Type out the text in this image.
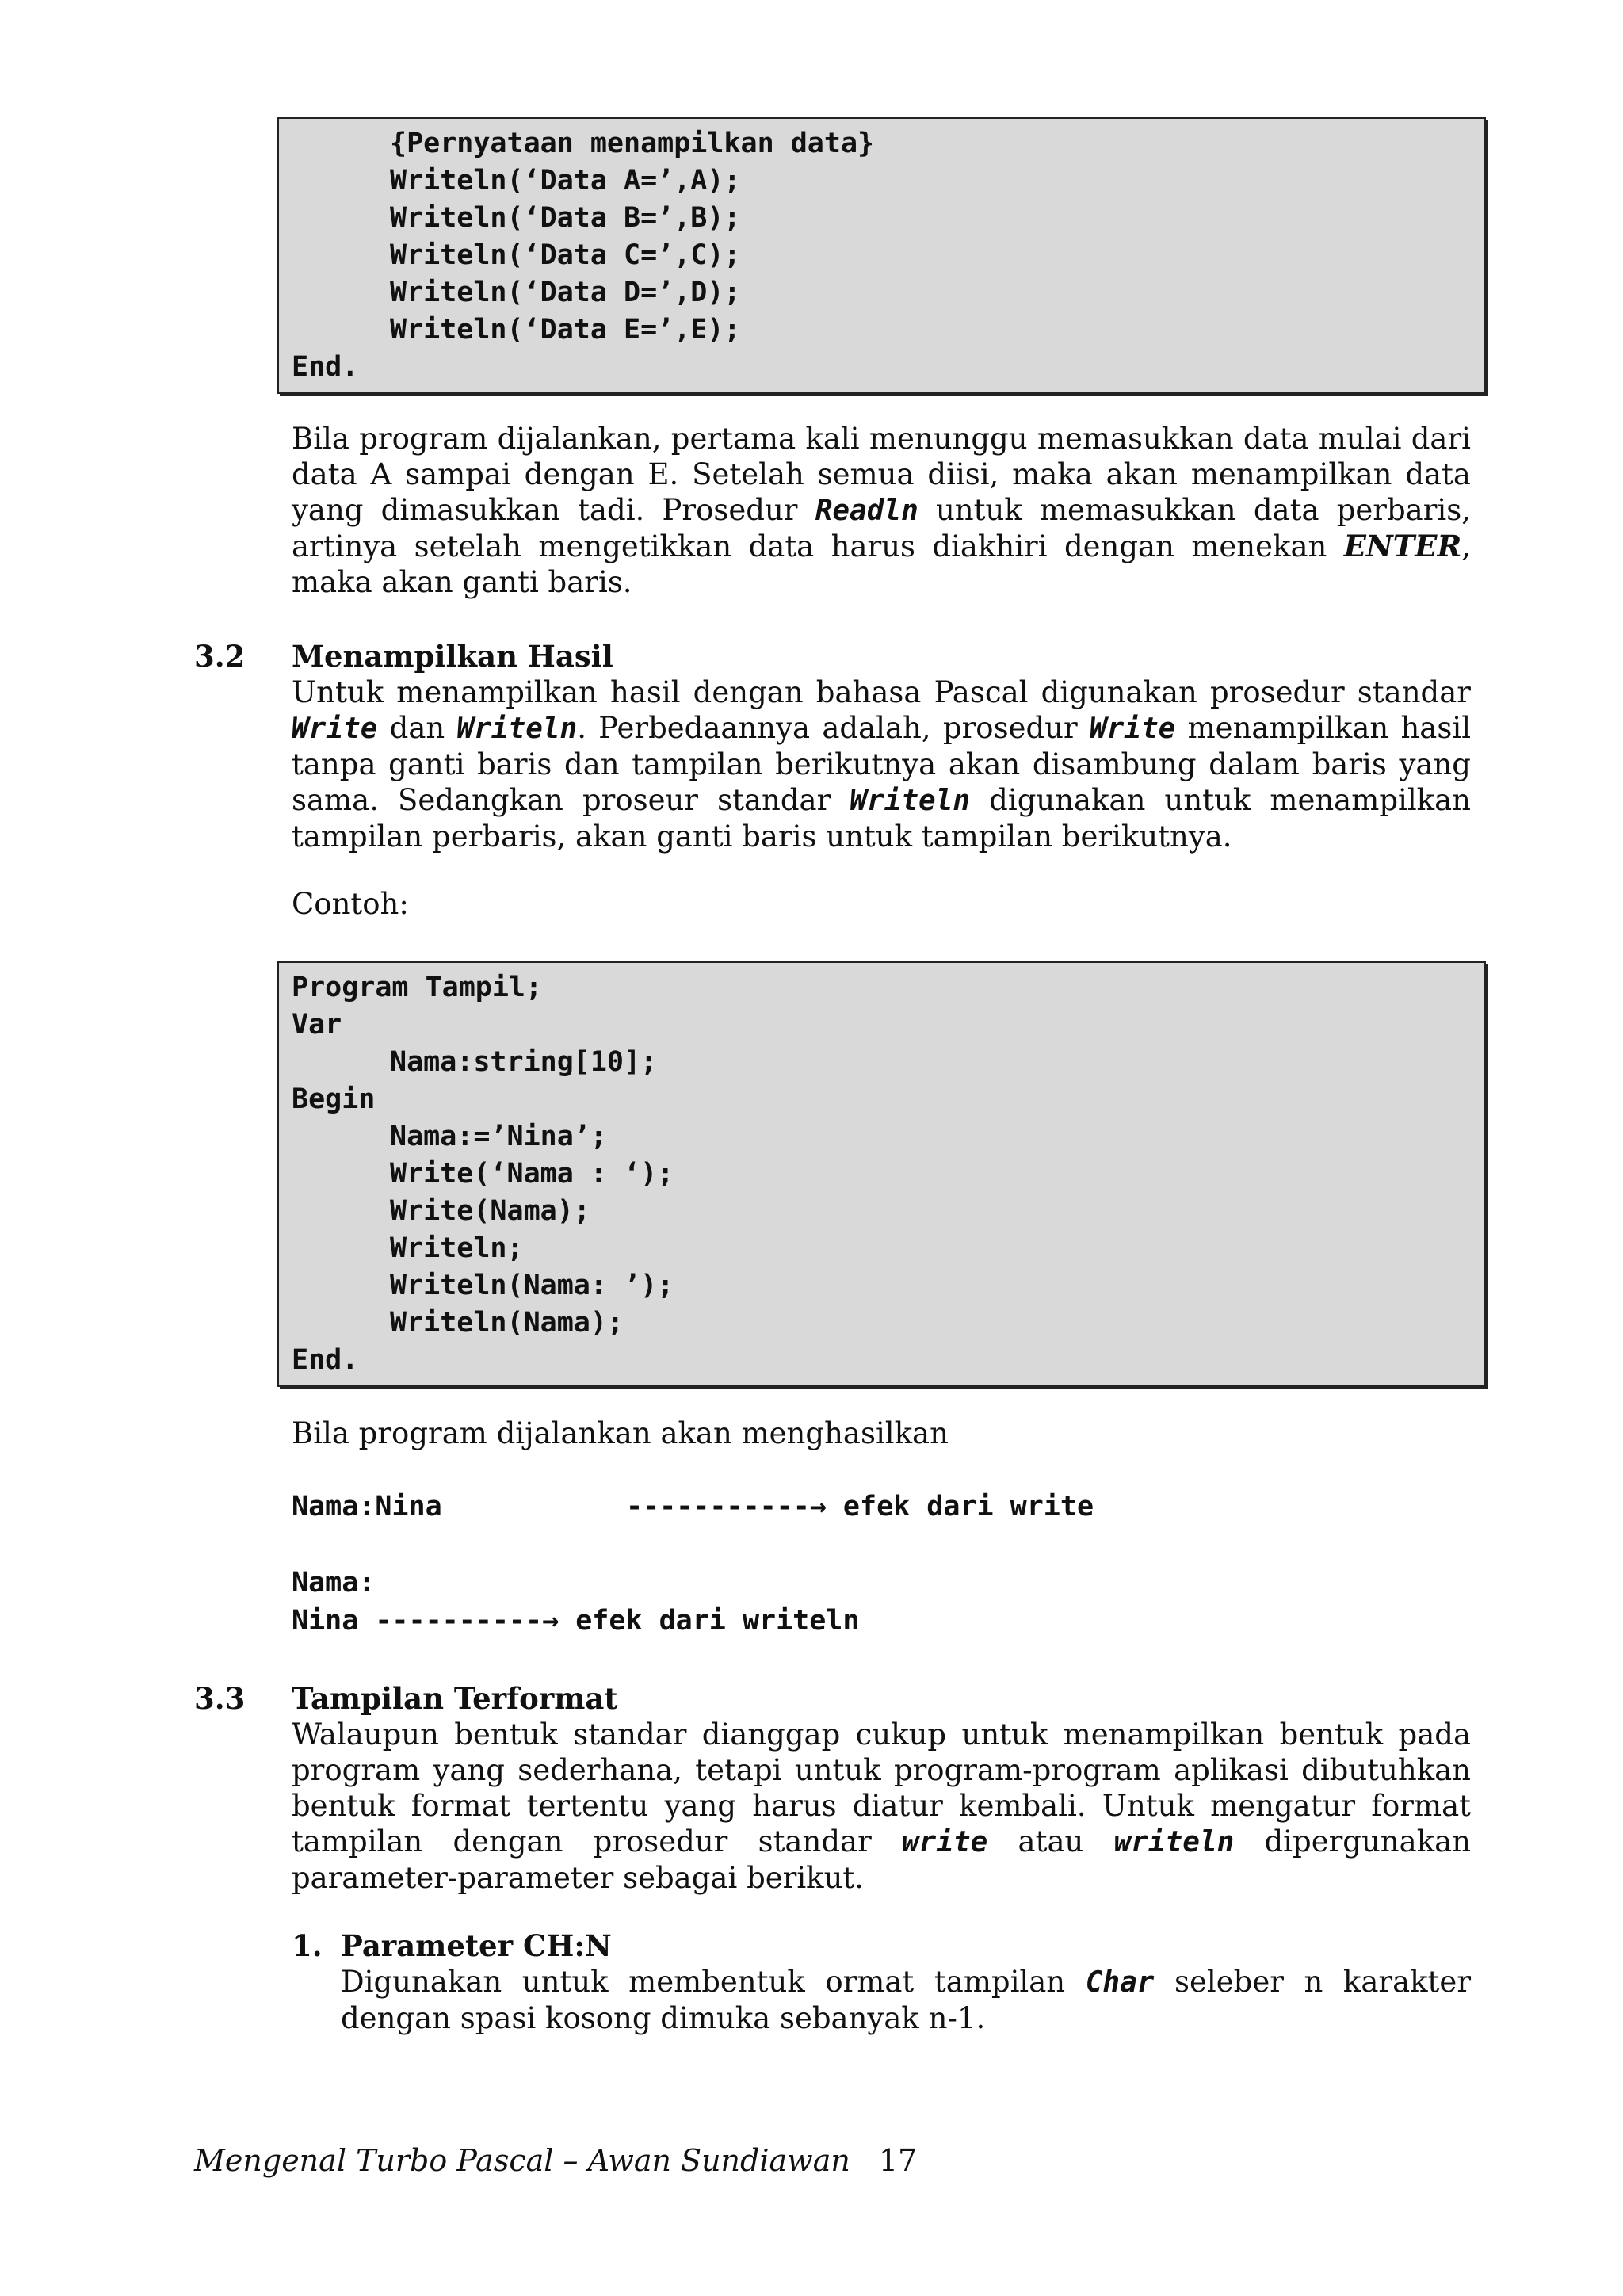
{Pernyataan menampilkan data}
Writeln(‘Data A=’,A);
Writeln(‘Data B=’,B);
Writeln(‘Data C=’,C);
Writeln(‘Data D=’,D);
Writeln(‘Data E=’,E);
End.
Bila program dijalankan, pertama kali menunggu memasukkan data mulai dari
data A sampai dengan E. Setelah semua diisi, maka akan menampilkan data
yang dimasukkan tadi. Prosedur Readln untuk memasukkan data perbaris,
artinya setelah mengetikkan data harus diakhiri dengan menekan ENTER,
maka akan ganti baris.
3.2 Menampilkan Hasil
Untuk menampilkan hasil dengan bahasa Pascal digunakan prosedur standar
Write dan Writeln. Perbedaannya adalah, prosedur Write menampilkan hasil
tanpa ganti baris dan tampilan berikutnya akan disambung dalam baris yang
sama. Sedangkan proseur standar Writeln digunakan untuk menampilkan
tampilan perbaris, akan ganti baris untuk tampilan berikutnya.
Contoh:
Program Tampil;
Var
Nama:string[10];
Begin
Nama:=’Nina’;
Write(‘Nama : ‘);
Write(Nama);
Writeln;
Writeln(Nama: ’);
Writeln(Nama);
End.
Bila program dijalankan akan menghasilkan
Nama:Nina	-----------→ efek dari write
Nama:
Nina ----------→ efek dari writeln
3.3 Tampilan Terformat
Walaupun bentuk standar dianggap cukup untuk menampilkan bentuk pada
program yang sederhana, tetapi untuk program-program aplikasi dibutuhkan
bentuk format tertentu yang harus diatur kembali. Untuk mengatur format
tampilan dengan prosedur standar write atau writeln dipergunakan
parameter-parameter sebagai berikut.
1. Parameter CH:N
Digunakan untuk membentuk ormat tampilan Char seleber n karakter
dengan spasi kosong dimuka sebanyak n-1.
Mengenal Turbo Pascal – Awan Sundiawan 17
